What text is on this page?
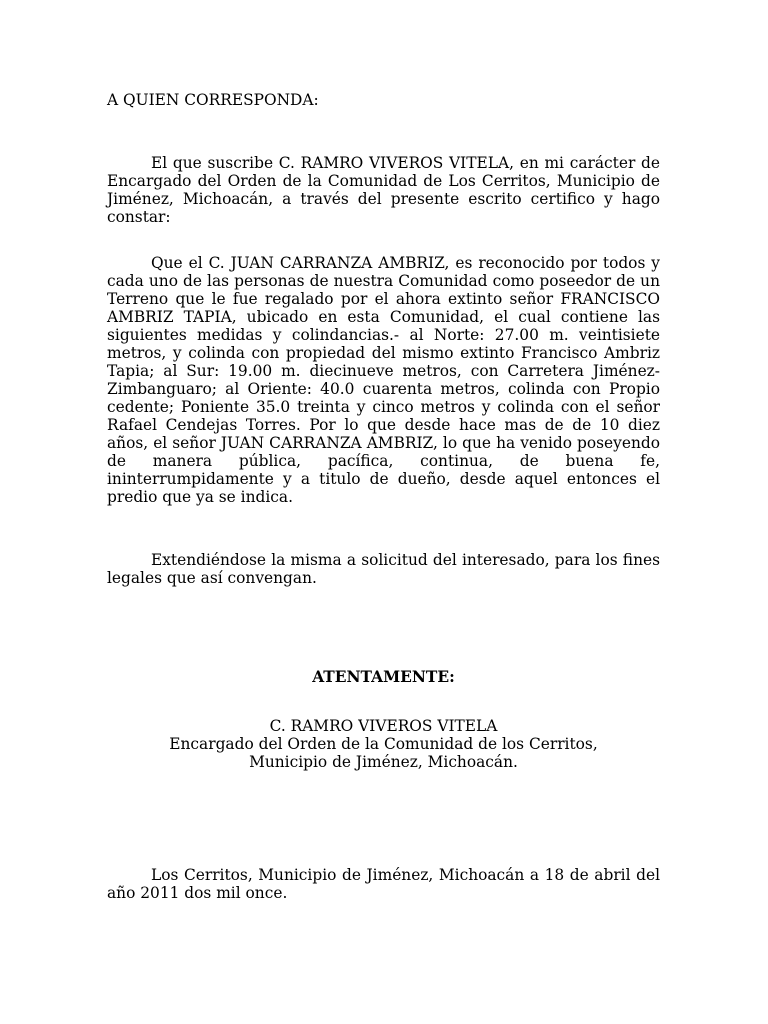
A QUIEN CORRESPONDA:

El que suscribe C. RAMRO VIVEROS VITELA, en mi carácter de Encargado del Orden de la Comunidad de Los Cerritos, Municipio de Jiménez, Michoacán, a través del presente escrito certifico y hago constar:

Que el C. JUAN CARRANZA AMBRIZ, es reconocido por todos y cada uno de las personas de nuestra Comunidad como poseedor de un Terreno que le fue regalado por el ahora extinto señor FRANCISCO AMBRIZ TAPIA, ubicado en esta Comunidad, el cual contiene las siguientes medidas y colindancias.- al Norte: 27.00 m. veintisiete metros, y colinda con propiedad del mismo extinto Francisco Ambriz Tapia; al Sur: 19.00 m. diecinueve metros, con Carretera Jiménez-Zimbanguaro; al Oriente: 40.0 cuarenta metros, colinda con Propio cedente; Poniente 35.0 treinta y cinco metros y colinda con el señor Rafael Cendejas Torres. Por lo que desde hace mas de de 10 diez años, el señor JUAN CARRANZA AMBRIZ, lo que ha venido poseyendo de manera pública, pacífica, continua, de buena fe, ininterrumpidamente y a titulo de dueño, desde aquel entonces el predio que ya se indica.

Extendiéndose la misma a solicitud del interesado, para los fines legales que así convengan.

ATENTAMENTE:

C. RAMRO VIVEROS VITELA
Encargado del Orden de la Comunidad de los Cerritos,
Municipio de Jiménez, Michoacán.

Los Cerritos, Municipio de Jiménez, Michoacán a 18 de abril del año 2011 dos mil once.
